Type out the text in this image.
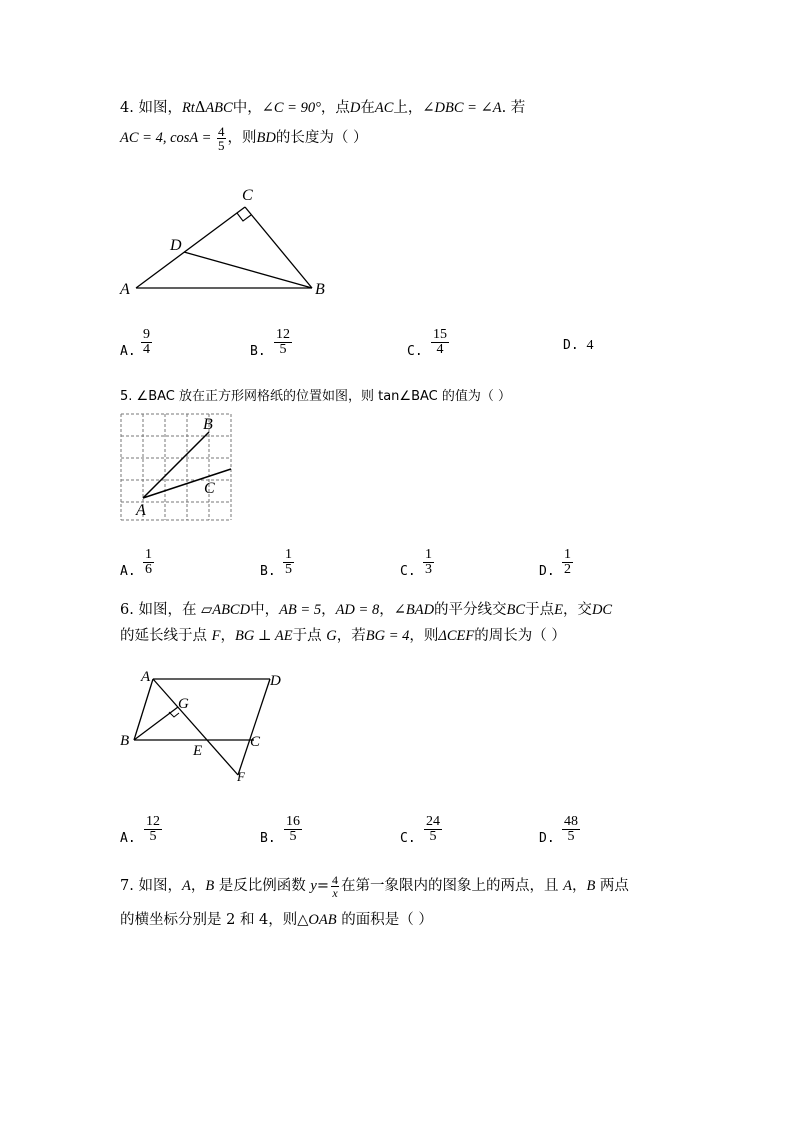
4. 如图，RtΔABC中，∠C = 90°，点D在AC上，∠DBC = ∠A. 若
AC = 4, $\cos A = \frac{4}{5}$ ，则BD的长度为（ ）
A	B
C
D
A. $\frac{9}{4}$	B. $\frac{12}{5}$	C. $\frac{15}{4}$	D. 4
5. ∠BAC 放在正方形网格纸的位置如图，则 tan∠BAC 的值为（ ）
A
B
C
A. $\frac{1}{6}$	B. $\frac{1}{5}$	C. $\frac{1}{3}$	D. $\frac{1}{2}$
6. 如图，在 ▱ABCD中，AB = 5，AD = 8，∠BAD的平分线交BC于点E，交DC
的延长线于点 F，BG ⊥ AE于点 G，若BG = 4，则ΔCEF的周长为（ ）
A	D
B	C
E
F
G
A. $\frac{12}{5}$	B. $\frac{16}{5}$	C. $\frac{24}{5}$	D. $\frac{48}{5}$
7. 如图，A，B 是反比例函数 $y= \frac{4}{x}$ 在第一象限内的图象上的两点，且 A，B 两点
的横坐标分别是 2 和 4，则△OAB 的面积是（ ）
